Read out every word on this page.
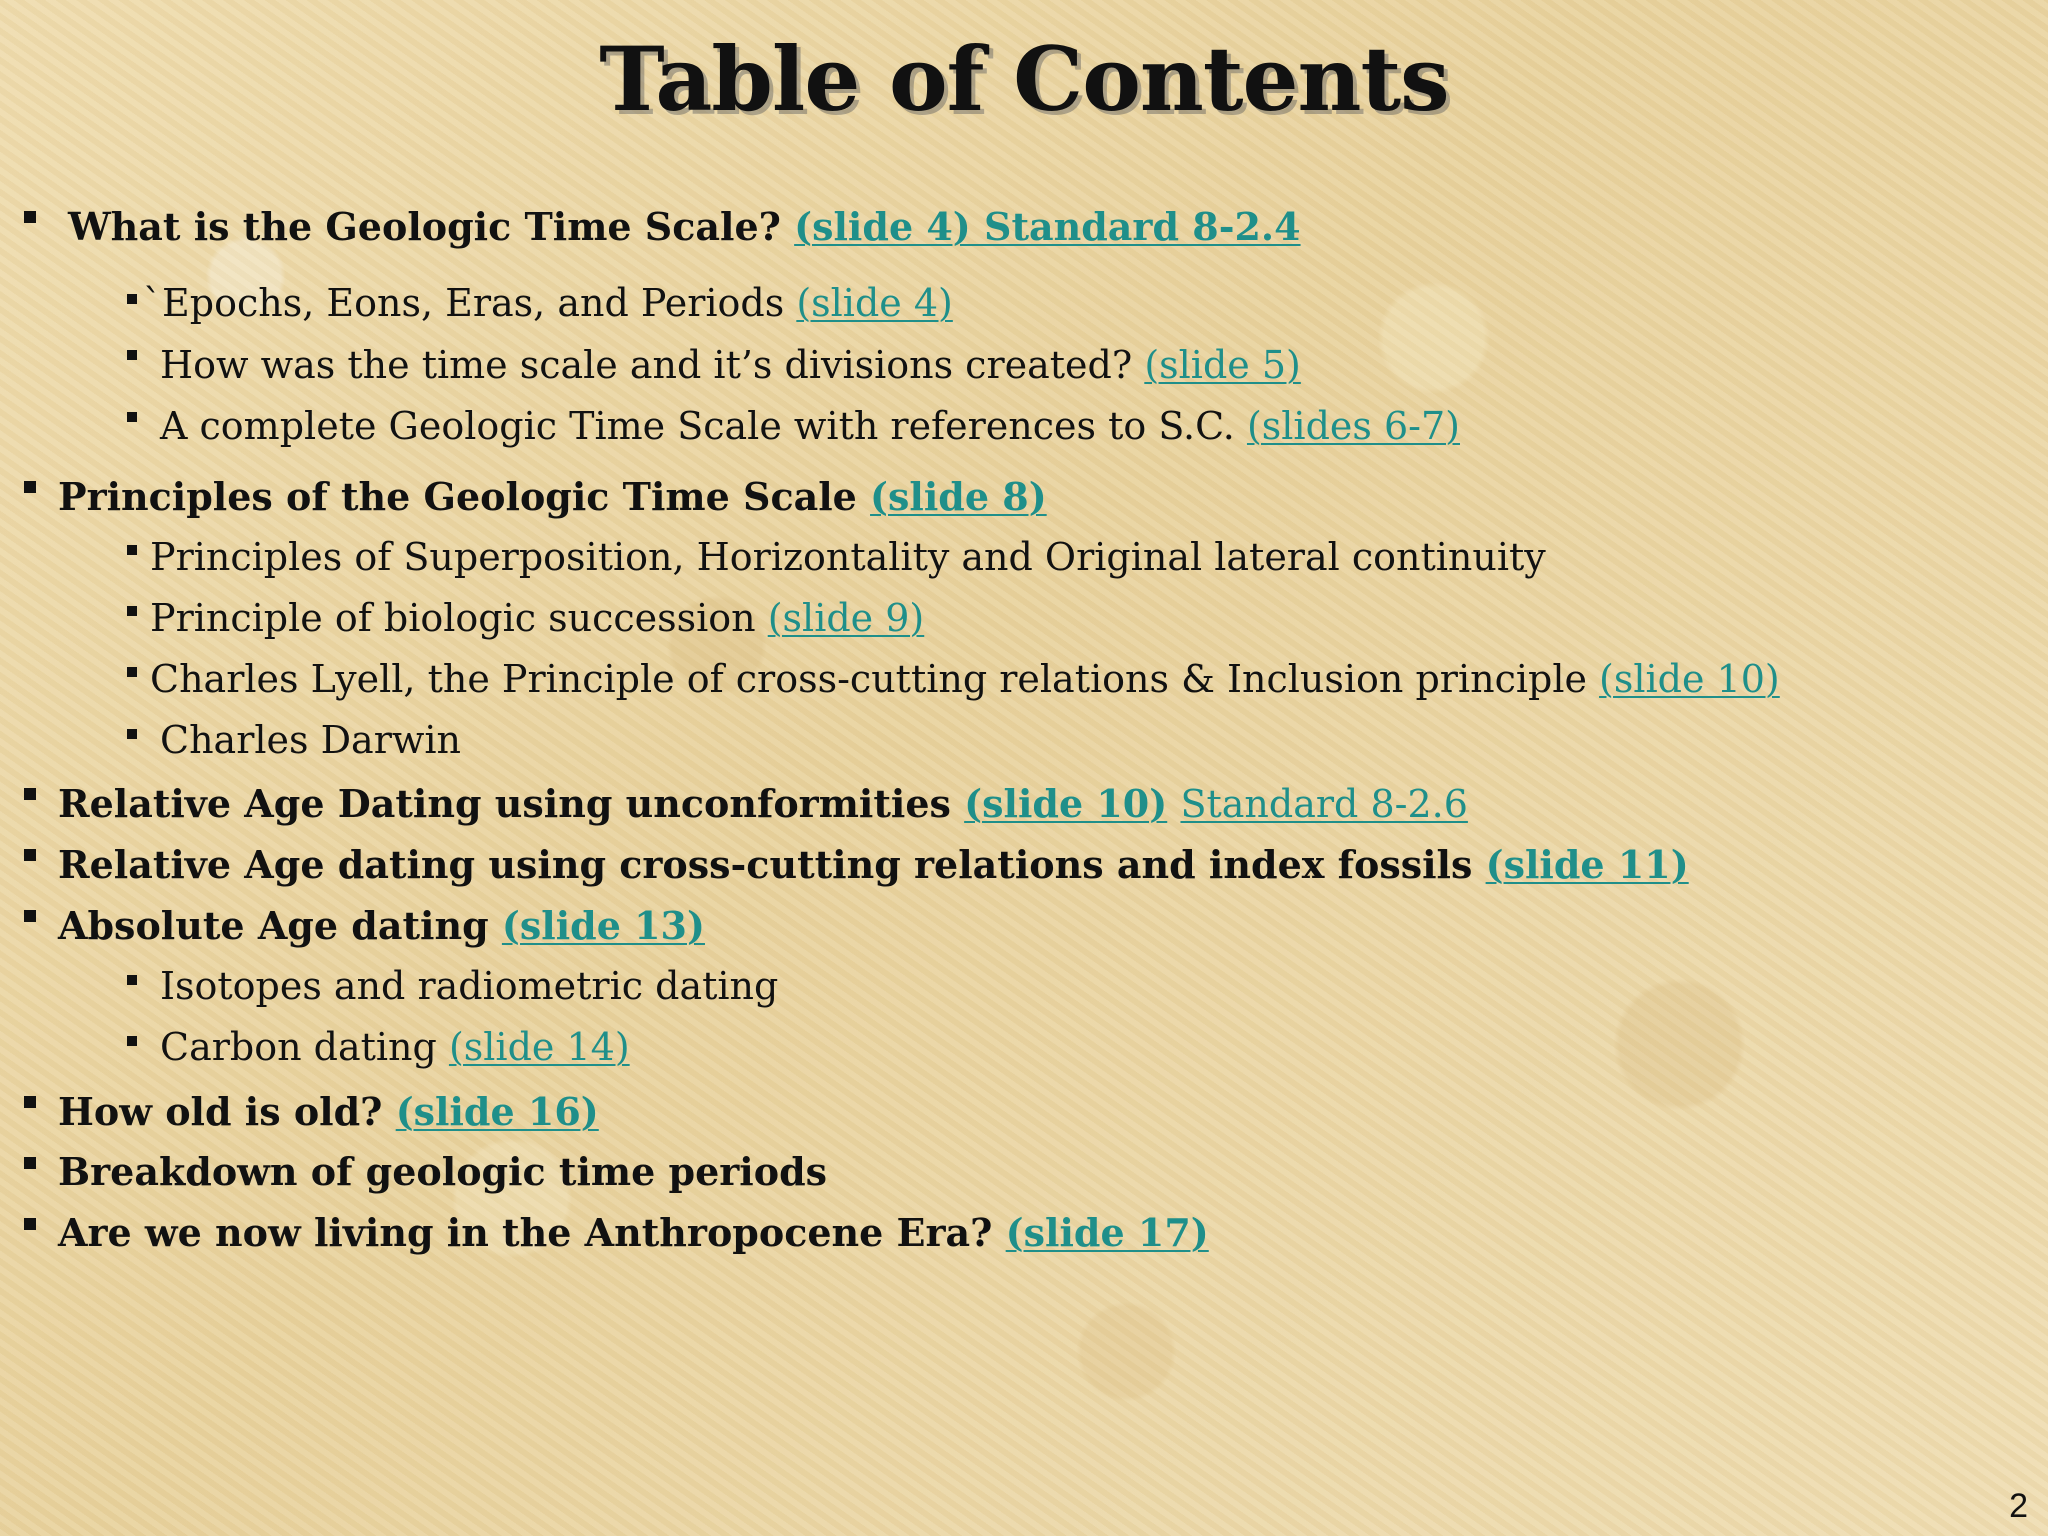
Table of Contents
What is the Geologic Time Scale? (slide 4) Standard 8-2.4
`Epochs, Eons, Eras, and Periods (slide 4)
How was the time scale and it’s divisions created? (slide 5)
A complete Geologic Time Scale with references to S.C. (slides 6-7)
Principles of the Geologic Time Scale (slide 8)
Principles of Superposition, Horizontality and Original lateral continuity
Principle of biologic succession (slide 9)
Charles Lyell, the Principle of cross-cutting relations & Inclusion principle (slide 10)
Charles Darwin
Relative Age Dating using unconformities (slide 10) Standard 8-2.6
Relative Age dating using cross-cutting relations and index fossils (slide 11)
Absolute Age dating (slide 13)
Isotopes and radiometric dating
Carbon dating (slide 14)
How old is old? (slide 16)
Breakdown of geologic time periods
Are we now living in the Anthropocene Era? (slide 17)
2
